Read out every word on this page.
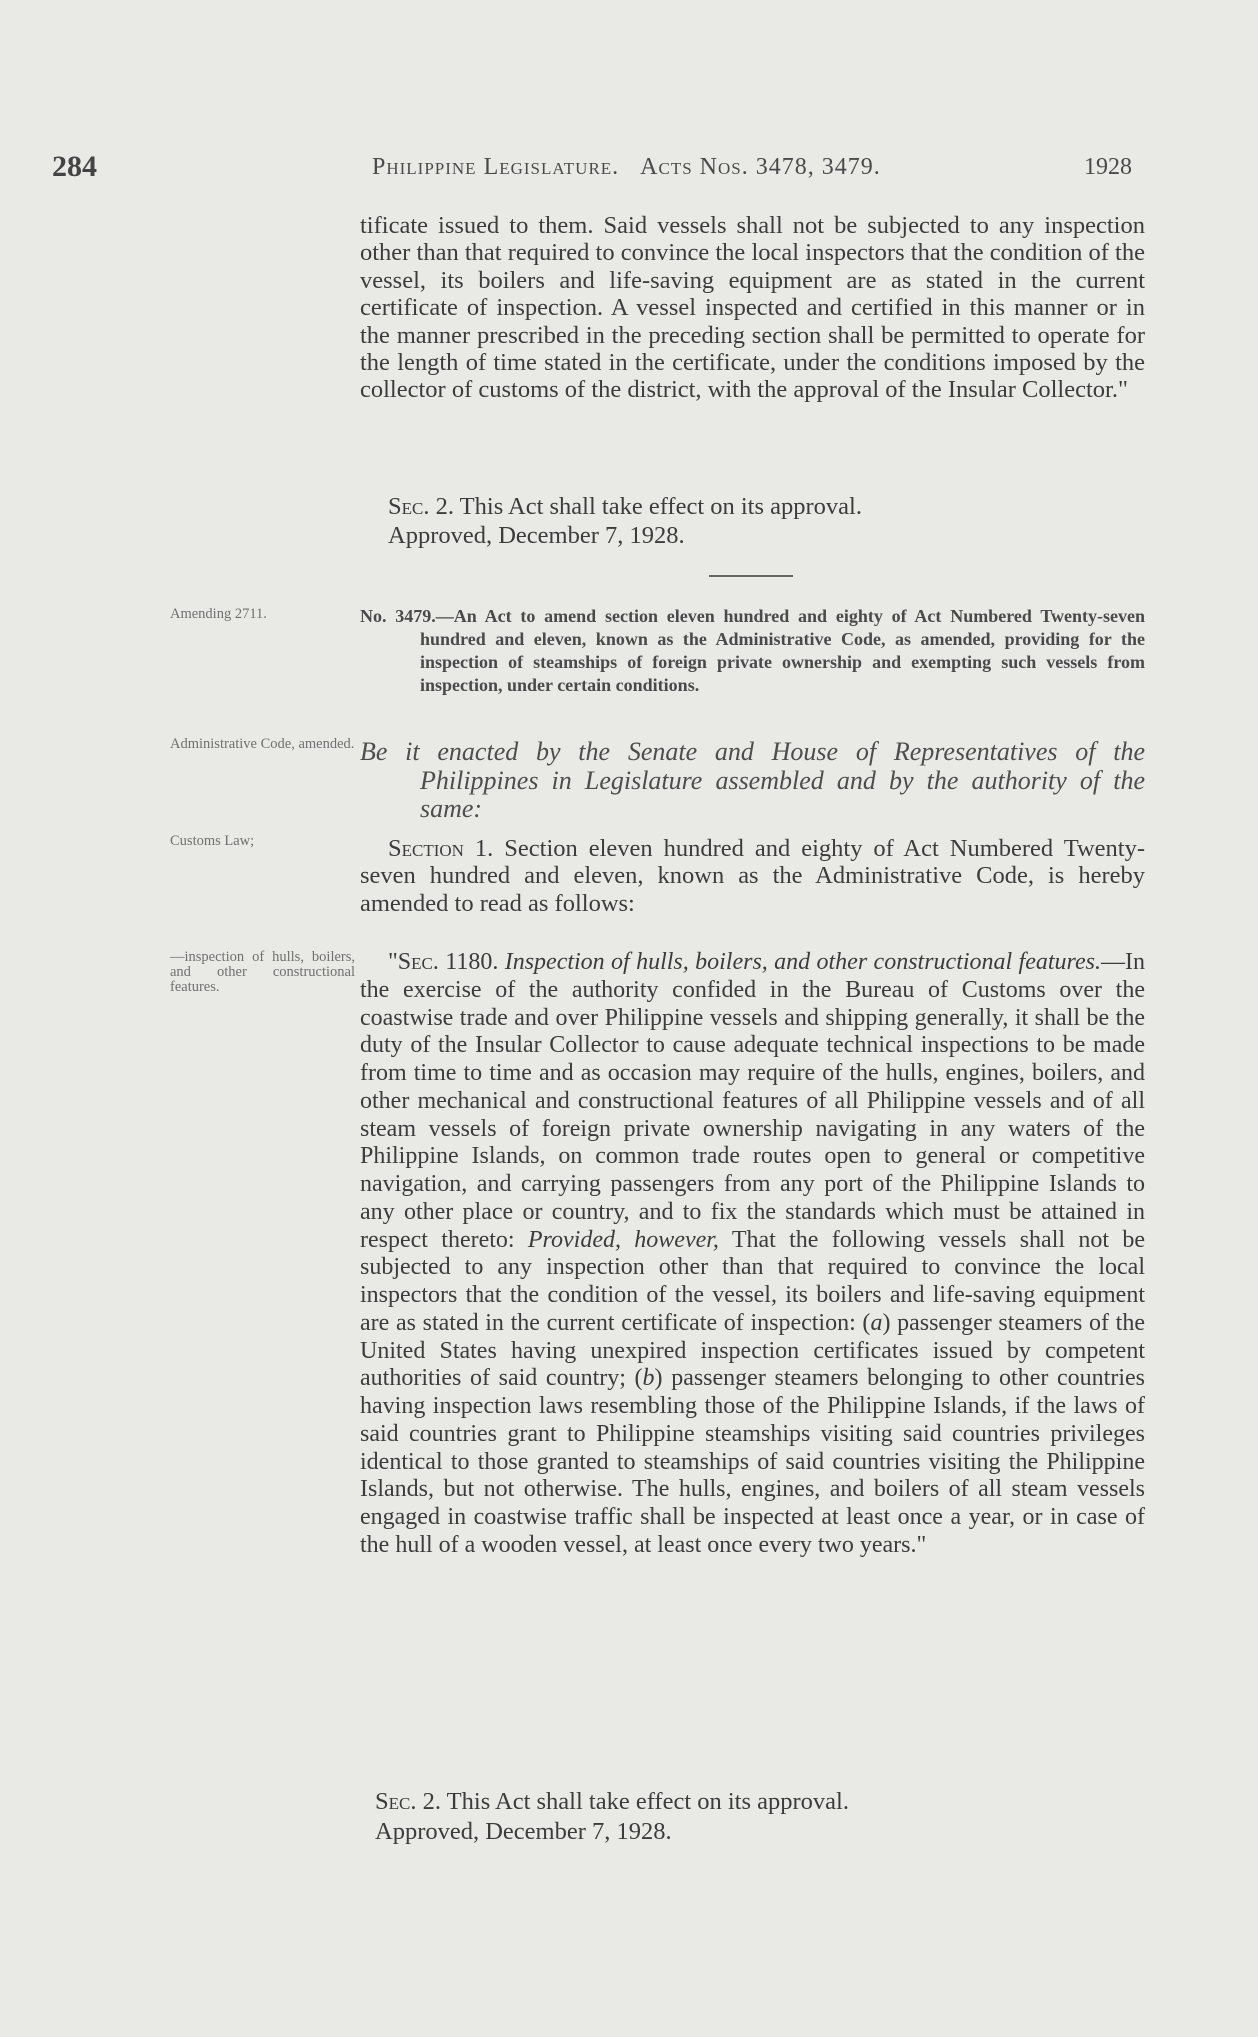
284	Philippine Legislature. Acts Nos. 3478, 3479.	1928

tificate issued to them. Said vessels shall not be subjected to any inspection other than that required to convince the local inspectors that the condition of the vessel, its boilers and life-saving equipment are as stated in the current certificate of inspection. A vessel inspected and certified in this manner or in the manner prescribed in the preceding section shall be permitted to operate for the length of time stated in the certificate, under the conditions imposed by the collector of customs of the district, with the approval of the Insular Collector."

Sec. 2. This Act shall take effect on its approval.

Approved, December 7, 1928.

Amending 2711.
Administrative Code, amended.
Customs Law;
—inspection of hulls, boilers, and other constructional features.

No. 3479.—An Act to amend section eleven hundred and eighty of Act Numbered Twenty-seven hundred and eleven, known as the Administrative Code, as amended, providing for the inspection of steamships of foreign private ownership and exempting such vessels from inspection, under certain conditions.

Be it enacted by the Senate and House of Representatives of the Philippines in Legislature assembled and by the authority of the same:

Section 1. Section eleven hundred and eighty of Act Numbered Twenty-seven hundred and eleven, known as the Administrative Code, is hereby amended to read as follows:

"Sec. 1180. Inspection of hulls, boilers, and other constructional features.—In the exercise of the authority confided in the Bureau of Customs over the coastwise trade and over Philippine vessels and shipping generally, it shall be the duty of the Insular Collector to cause adequate technical inspections to be made from time to time and as occasion may require of the hulls, engines, boilers, and other mechanical and constructional features of all Philippine vessels and of all steam vessels of foreign private ownership navigating in any waters of the Philippine Islands, on common trade routes open to general or competitive navigation, and carrying passengers from any port of the Philippine Islands to any other place or country, and to fix the standards which must be attained in respect thereto: Provided, however, That the following vessels shall not be subjected to any inspection other than that required to convince the local inspectors that the condition of the vessel, its boilers and life-saving equipment are as stated in the current certificate of inspection: (a) passenger steamers of the United States having unexpired inspection certificates issued by competent authorities of said country; (b) passenger steamers belonging to other countries having inspection laws resembling those of the Philippine Islands, if the laws of said countries grant to Philippine steamships visiting said countries privileges identical to those granted to steamships of said countries visiting the Philippine Islands, but not otherwise. The hulls, engines, and boilers of all steam vessels engaged in coastwise traffic shall be inspected at least once a year, or in case of the hull of a wooden vessel, at least once every two years."

Sec. 2. This Act shall take effect on its approval.

Approved, December 7, 1928.
